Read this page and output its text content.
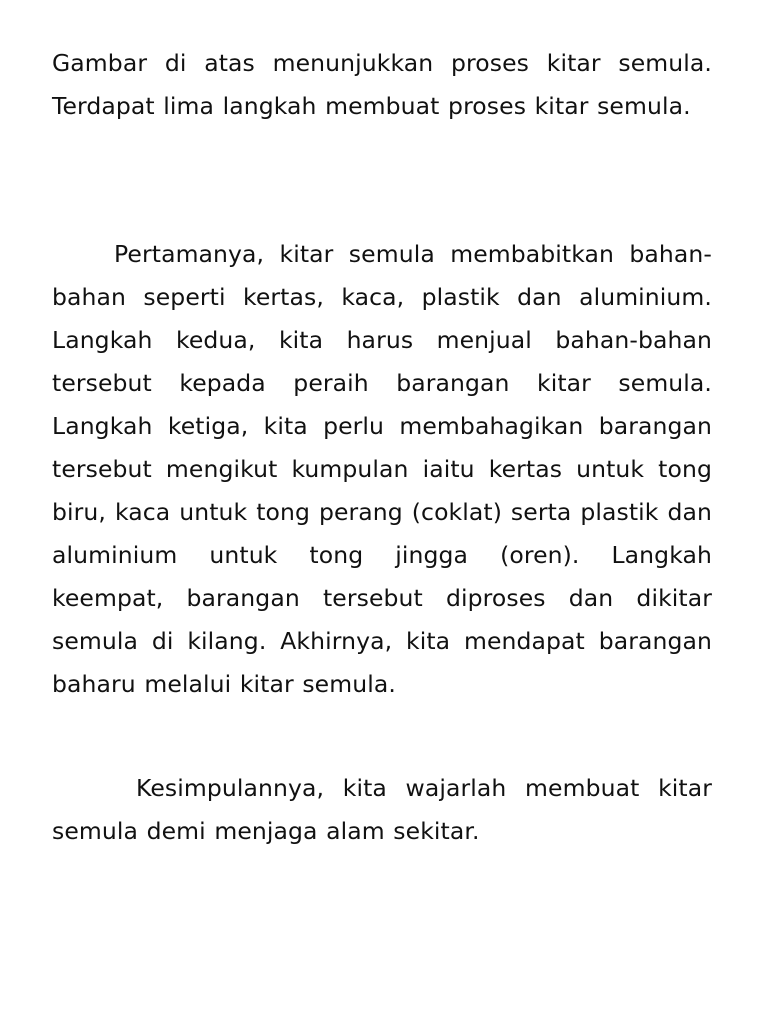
Gambar di atas menunjukkan proses kitar semula. Terdapat lima langkah membuat proses kitar semula.

Pertamanya, kitar semula membabitkan bahan-bahan seperti kertas, kaca, plastik dan aluminium. Langkah kedua, kita harus menjual bahan-bahan tersebut kepada peraih barangan kitar semula. Langkah ketiga, kita perlu membahagikan barangan tersebut mengikut kumpulan iaitu kertas untuk tong biru, kaca untuk tong perang (coklat) serta plastik dan aluminium untuk tong jingga (oren). Langkah keempat, barangan tersebut diproses dan dikitar semula di kilang. Akhirnya, kita mendapat barangan baharu melalui kitar semula.

Kesimpulannya, kita wajarlah membuat kitar semula demi menjaga alam sekitar.
